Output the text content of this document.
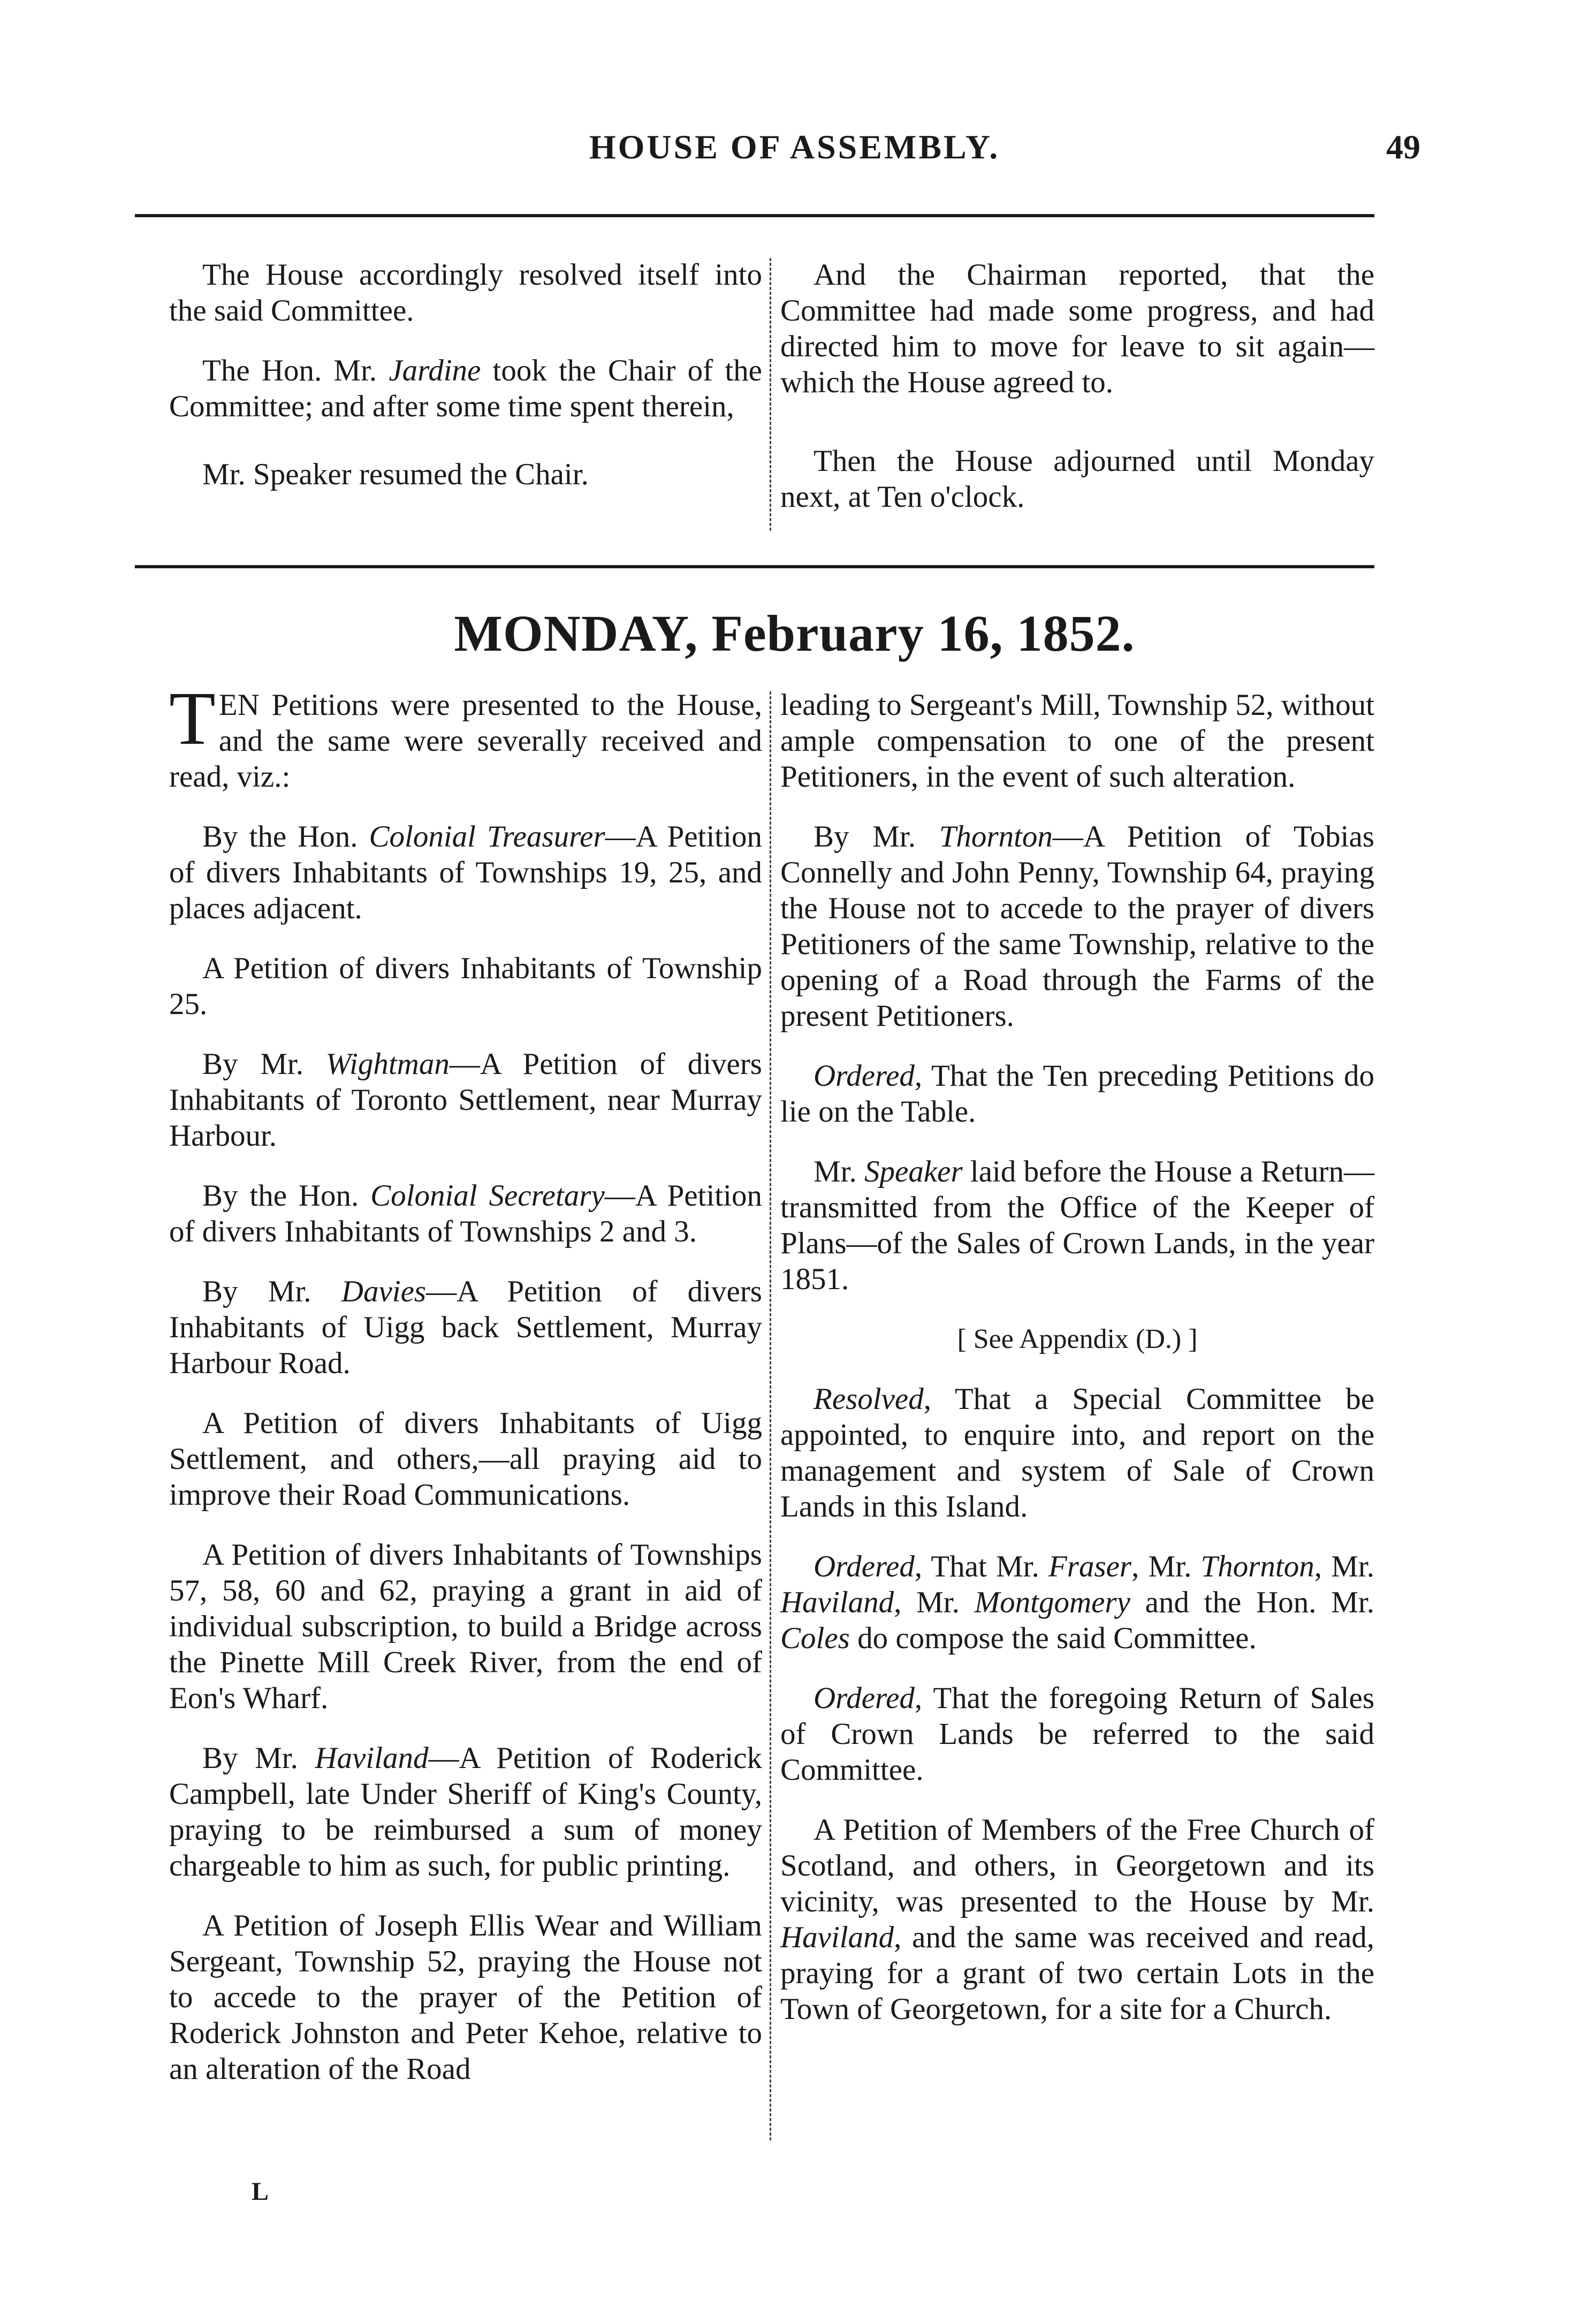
HOUSE OF ASSEMBLY.	49

The House accordingly resolved itself into the said Committee.

The Hon. Mr. Jardine took the Chair of the Committee; and after some time spent therein,

Mr. Speaker resumed the Chair.

And the Chairman reported, that the Committee had made some progress, and had directed him to move for leave to sit again—which the House agreed to.

Then the House adjourned until Monday next, at Ten o'clock.

MONDAY, February 16, 1852.

TEN Petitions were presented to the House, and the same were severally received and read, viz.:

By the Hon. Colonial Treasurer—A Petition of divers Inhabitants of Townships 19, 25, and places adjacent.

A Petition of divers Inhabitants of Township 25.

By Mr. Wightman—A Petition of divers Inhabitants of Toronto Settlement, near Murray Harbour.

By the Hon. Colonial Secretary—A Petition of divers Inhabitants of Townships 2 and 3.

By Mr. Davies—A Petition of divers Inhabitants of Uigg back Settlement, Murray Harbour Road.

A Petition of divers Inhabitants of Uigg Settlement, and others,—all praying aid to improve their Road Communications.

A Petition of divers Inhabitants of Townships 57, 58, 60 and 62, praying a grant in aid of individual subscription, to build a Bridge across the Pinette Mill Creek River, from the end of Eon's Wharf.

By Mr. Haviland—A Petition of Roderick Campbell, late Under Sheriff of King's County, praying to be reimbursed a sum of money chargeable to him as such, for public printing.

A Petition of Joseph Ellis Wear and William Sergeant, Township 52, praying the House not to accede to the prayer of the Petition of Roderick Johnston and Peter Kehoe, relative to an alteration of the Road

leading to Sergeant's Mill, Township 52, without ample compensation to one of the present Petitioners, in the event of such alteration.

By Mr. Thornton—A Petition of Tobias Connelly and John Penny, Township 64, praying the House not to accede to the prayer of divers Petitioners of the same Township, relative to the opening of a Road through the Farms of the present Petitioners.

Ordered, That the Ten preceding Petitions do lie on the Table.

Mr. Speaker laid before the House a Return—transmitted from the Office of the Keeper of Plans—of the Sales of Crown Lands, in the year 1851.

[ See Appendix (D.) ]

Resolved, That a Special Committee be appointed, to enquire into, and report on the management and system of Sale of Crown Lands in this Island.

Ordered, That Mr. Fraser, Mr. Thornton, Mr. Haviland, Mr. Montgomery and the Hon. Mr. Coles do compose the said Committee.

Ordered, That the foregoing Return of Sales of Crown Lands be referred to the said Committee.

A Petition of Members of the Free Church of Scotland, and others, in Georgetown and its vicinity, was presented to the House by Mr. Haviland, and the same was received and read, praying for a grant of two certain Lots in the Town of Georgetown, for a site for a Church.

L
